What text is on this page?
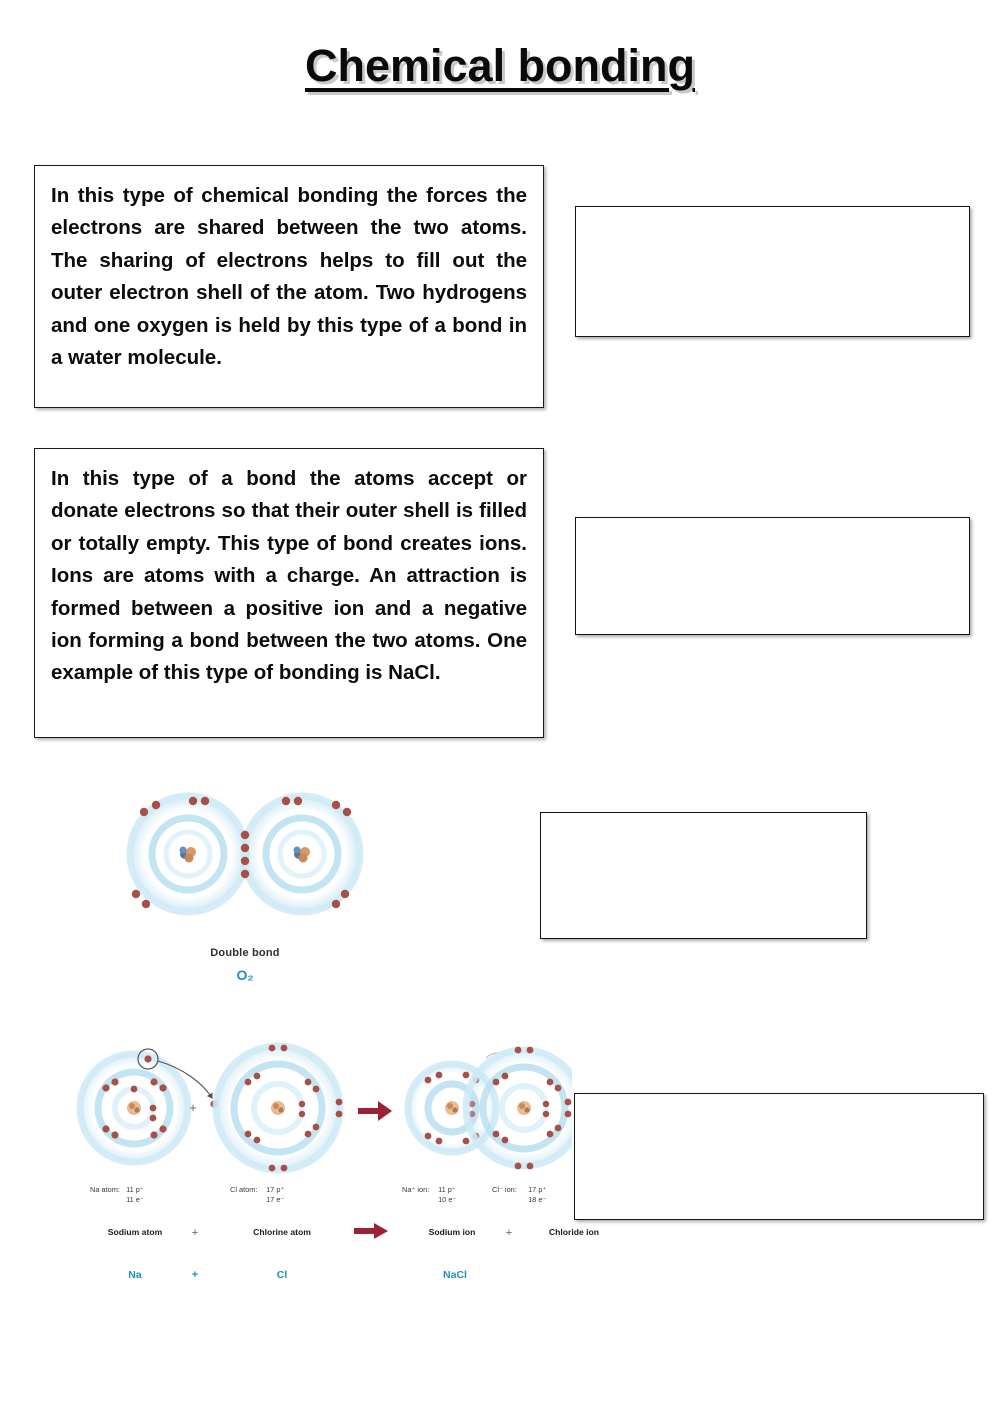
Chemical bonding

In this type of chemical bonding the forces the electrons are shared between the two atoms. The sharing of electrons helps to fill out the outer electron shell of the atom. Two hydrogens and one oxygen is held by this type of a bond in a water molecule.

In this type of a bond the atoms accept or donate electrons so that their outer shell is filled or totally empty. This type of bond creates ions. Ions are atoms with a charge. An attraction is formed between a positive ion and a negative ion forming a bond between the two atoms. One example of this type of bonding is NaCl.

Double bond
O₂
+
Na atom: 11 p⁺
11 e⁻
Cl atom: 17 p⁺
17 e⁻
Na⁺ ion: 11 p⁺
10 e⁻
Cl⁻ ion: 17 p⁺
18 e⁻
Sodium atom	+	Chlorine atom	Sodium ion	+	Chloride ion
Na	+	Cl	NaCl
